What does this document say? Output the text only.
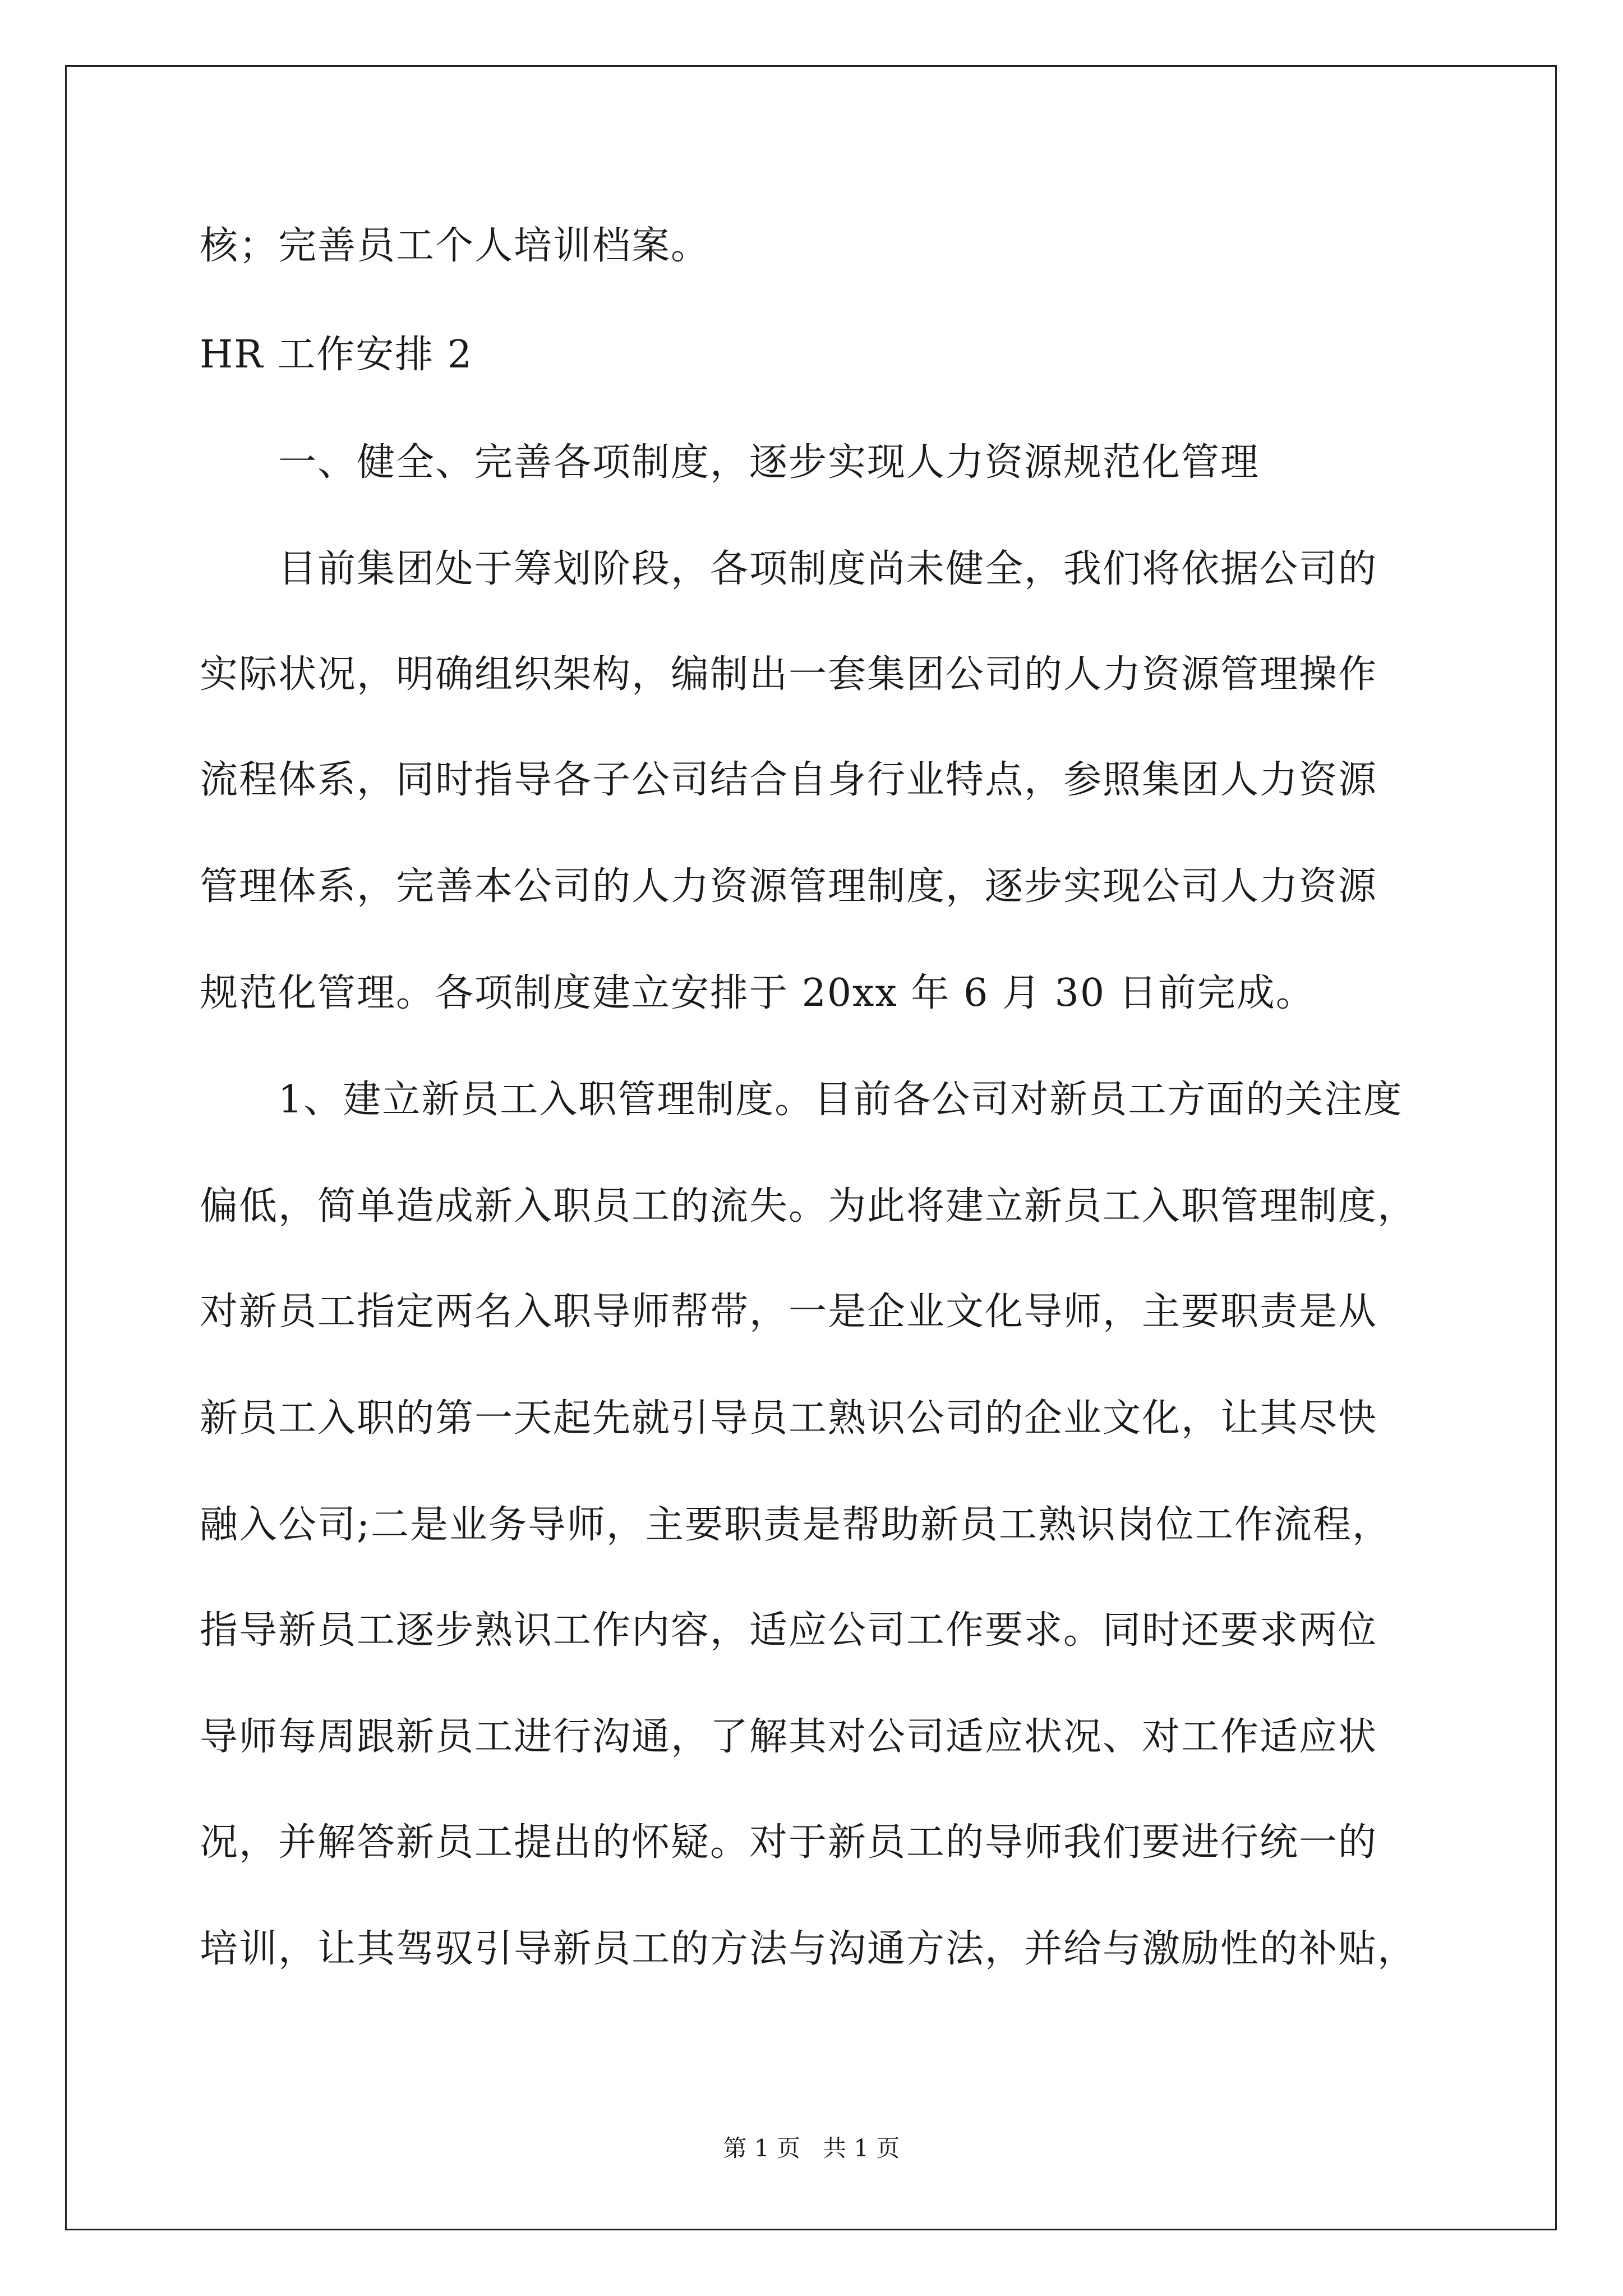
核；完善员工个人培训档案。
HR 工作安排 2
一、健全、完善各项制度，逐步实现人力资源规范化管理
目前集团处于筹划阶段，各项制度尚未健全，我们将依据公司的
实际状况，明确组织架构，编制出一套集团公司的人力资源管理操作
流程体系，同时指导各子公司结合自身行业特点，参照集团人力资源
管理体系，完善本公司的人力资源管理制度，逐步实现公司人力资源
规范化管理。各项制度建立安排于 20xx 年 6 月 30 日前完成。
1、建立新员工入职管理制度。目前各公司对新员工方面的关注度
偏低，简单造成新入职员工的流失。为此将建立新员工入职管理制度，
对新员工指定两名入职导师帮带，一是企业文化导师，主要职责是从
新员工入职的第一天起先就引导员工熟识公司的企业文化，让其尽快
融入公司;二是业务导师，主要职责是帮助新员工熟识岗位工作流程，
指导新员工逐步熟识工作内容，适应公司工作要求。同时还要求两位
导师每周跟新员工进行沟通，了解其对公司适应状况、对工作适应状
况，并解答新员工提出的怀疑。对于新员工的导师我们要进行统一的
培训，让其驾驭引导新员工的方法与沟通方法，并给与激励性的补贴，
第 1 页 共 1 页
